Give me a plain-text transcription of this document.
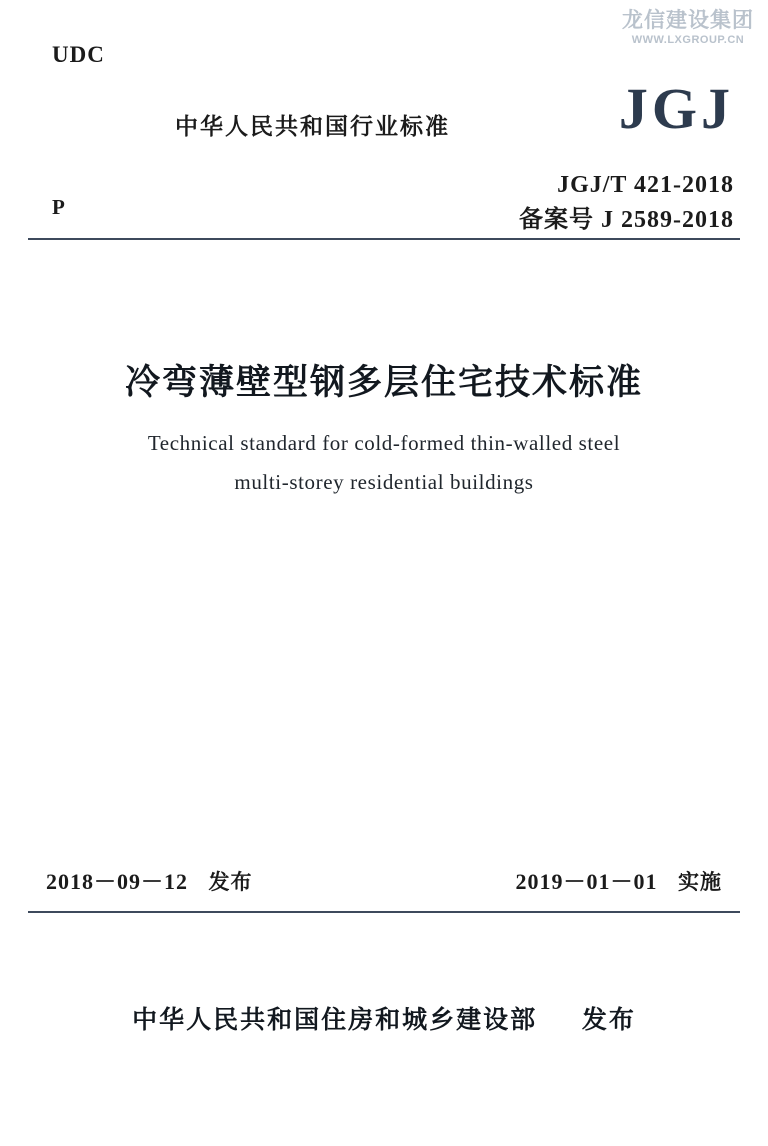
龙信建设集团
WWW.LXGROUP.CN
UDC
P
中华人民共和国行业标准	JGJ
JGJ/T 421-2018
备案号 J 2589-2018
冷弯薄壁型钢多层住宅技术标准
Technical standard for cold-formed thin-walled steel
multi-storey residential buildings
2018－09－12 发布	2019－01－01 实施
中华人民共和国住房和城乡建设部 发布
